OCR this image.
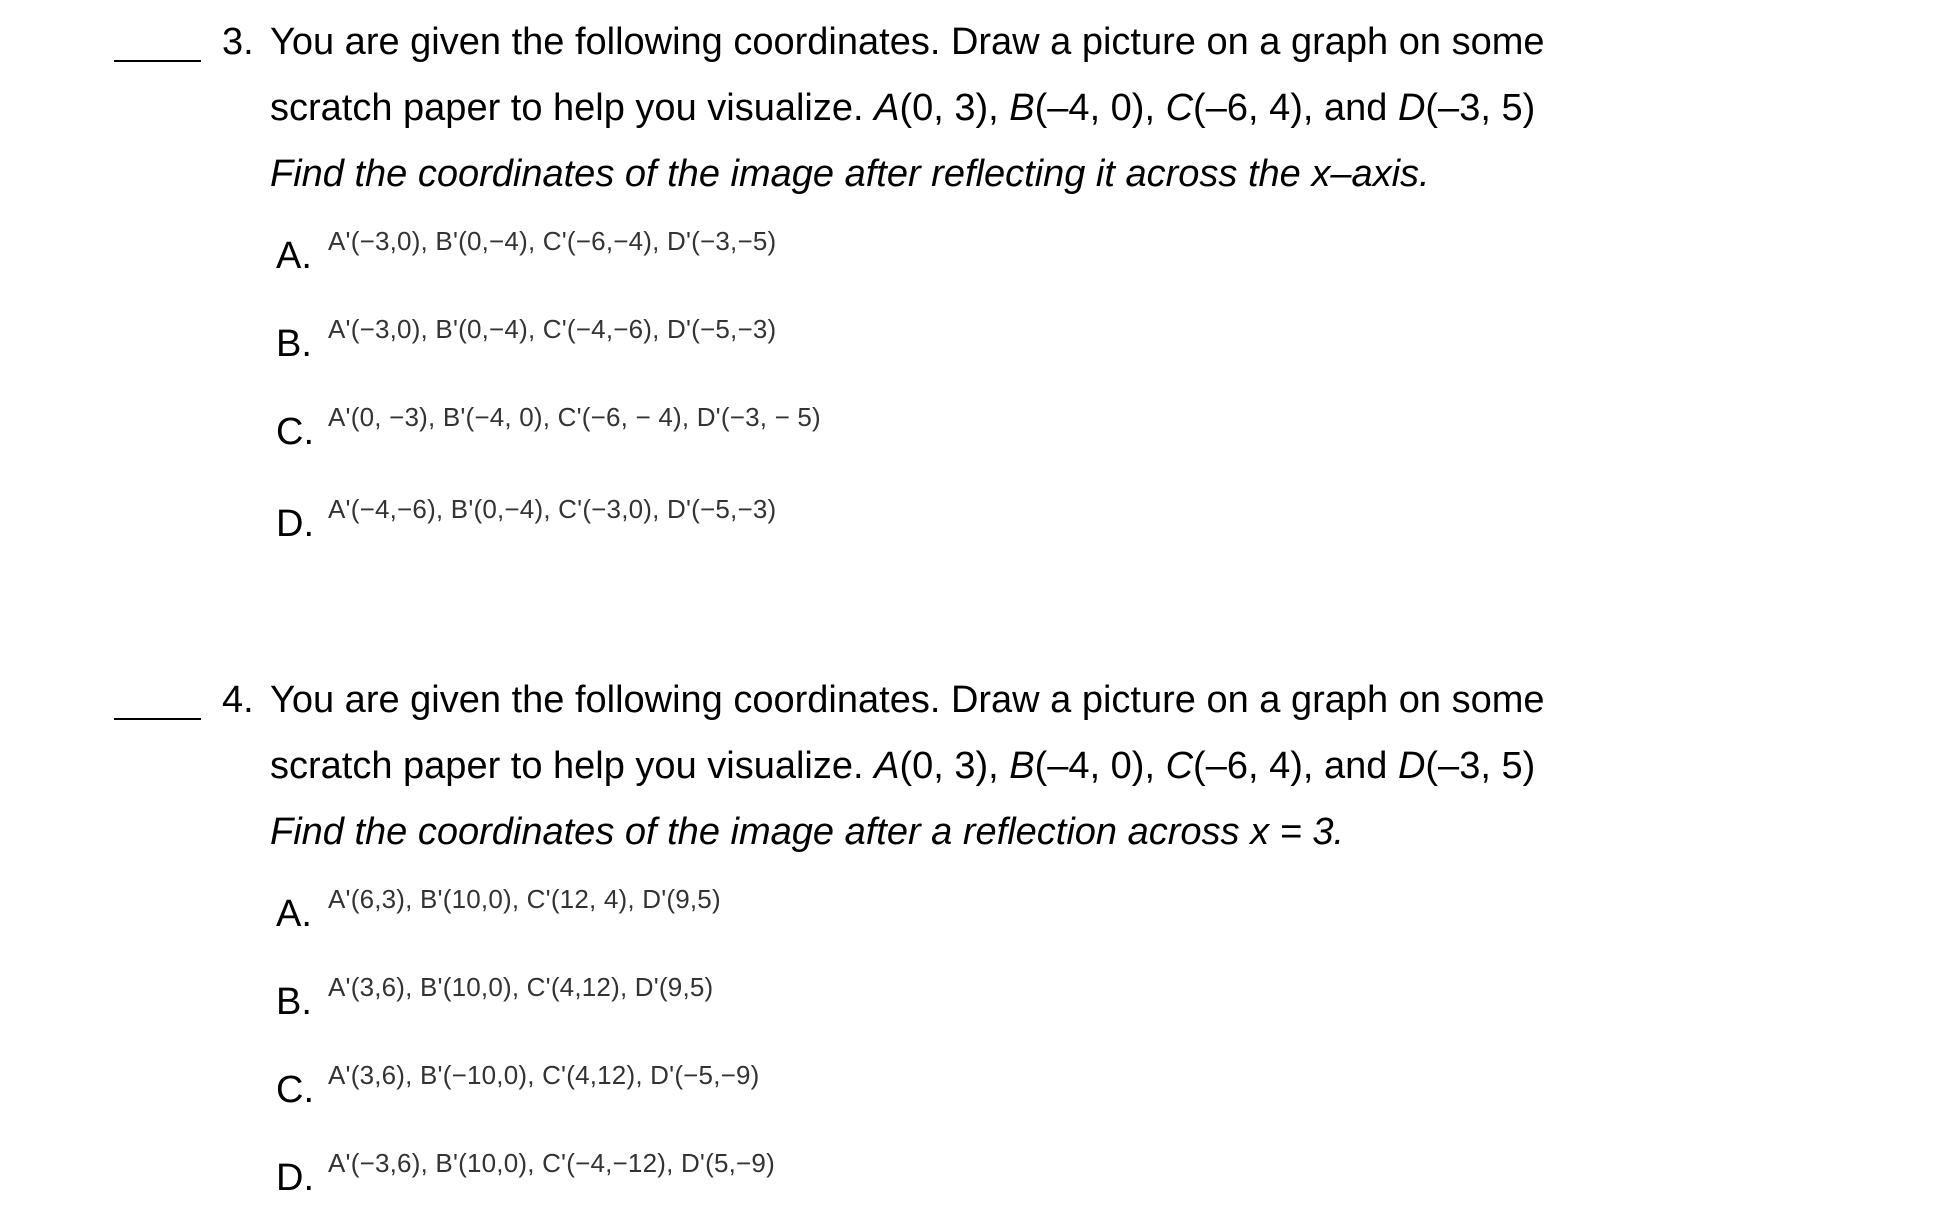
3. You are given the following coordinates. Draw a picture on a graph on some
scratch paper to help you visualize. A(0, 3), B(–4, 0), C(–6, 4), and D(–3, 5)
Find the coordinates of the image after reflecting it across the x–axis.
A. A'(−3,0), B'(0,−4), C'(−6,−4), D'(−3,−5)
B. A'(−3,0), B'(0,−4), C'(−4,−6), D'(−5,−3)
C. A'(0, −3), B'(−4, 0), C'(−6, − 4), D'(−3, − 5)
D. A'(−4,−6), B'(0,−4), C'(−3,0), D'(−5,−3)
4. You are given the following coordinates. Draw a picture on a graph on some
scratch paper to help you visualize. A(0, 3), B(–4, 0), C(–6, 4), and D(–3, 5)
Find the coordinates of the image after a reflection across x = 3.
A. A'(6,3), B'(10,0), C'(12, 4), D'(9,5)
B. A'(3,6), B'(10,0), C'(4,12), D'(9,5)
C. A'(3,6), B'(−10,0), C'(4,12), D'(−5,−9)
D. A'(−3,6), B'(10,0), C'(−4,−12), D'(5,−9)
